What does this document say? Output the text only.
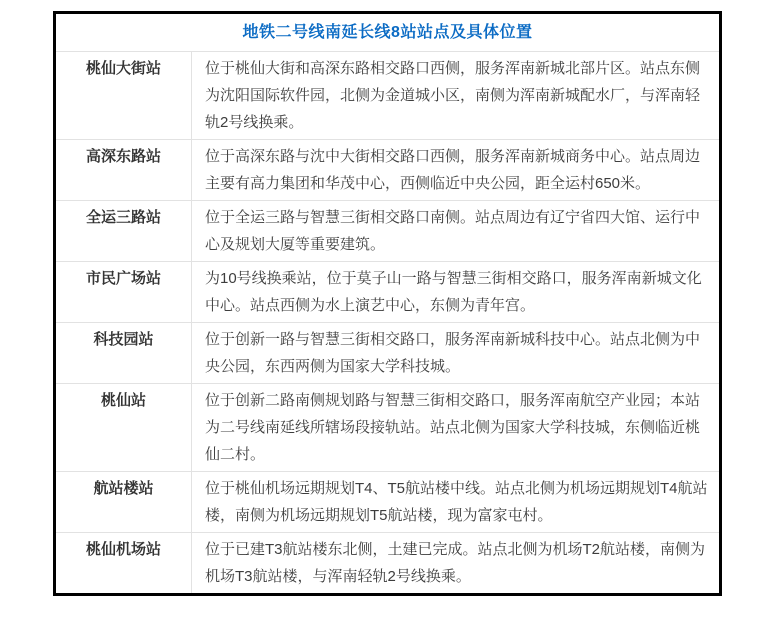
地铁二号线南延长线8站站点及具体位置
桃仙大街站	位于桃仙大街和高深东路相交路口西侧，服务浑南新城北部片区。站点东侧为沈阳国际软件园，北侧为金道城小区，南侧为浑南新城配水厂，与浑南轻轨2号线换乘。
高深东路站	位于高深东路与沈中大街相交路口西侧，服务浑南新城商务中心。站点周边主要有高力集团和华茂中心，西侧临近中央公园，距全运村650米。
全运三路站	位于全运三路与智慧三街相交路口南侧。站点周边有辽宁省四大馆、运行中心及规划大厦等重要建筑。
市民广场站	为10号线换乘站，位于莫子山一路与智慧三街相交路口，服务浑南新城文化中心。站点西侧为水上演艺中心，东侧为青年宫。
科技园站	位于创新一路与智慧三街相交路口，服务浑南新城科技中心。站点北侧为中央公园，东西两侧为国家大学科技城。
桃仙站	位于创新二路南侧规划路与智慧三街相交路口，服务浑南航空产业园；本站为二号线南延线所辖场段接轨站。站点北侧为国家大学科技城，东侧临近桃仙二村。
航站楼站	位于桃仙机场远期规划T4、T5航站楼中线。站点北侧为机场远期规划T4航站楼，南侧为机场远期规划T5航站楼，现为富家屯村。
桃仙机场站	位于已建T3航站楼东北侧，土建已完成。站点北侧为机场T2航站楼，南侧为机场T3航站楼，与浑南轻轨2号线换乘。
